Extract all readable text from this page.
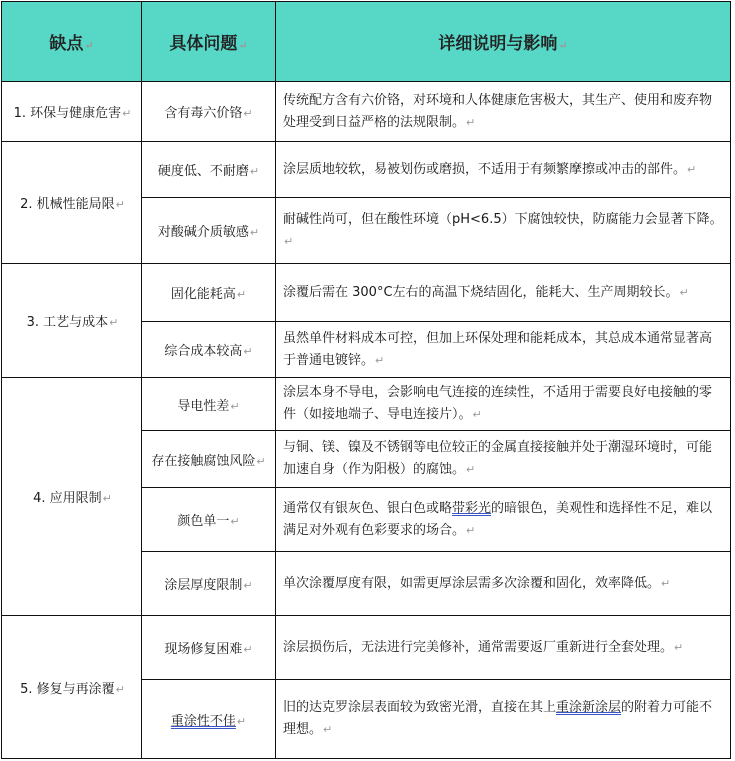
缺点↵	具体问题↵	详细说明与影响↵
1. 环保与健康危害↵	含有毒六价铬↵	传统配方含有六价铬，对环境和人体健康危害极大，其生产、使用和废弃物处理受到日益严格的法规限制。↵
2. 机械性能局限↵	硬度低、不耐磨↵	涂层质地较软，易被划伤或磨损，不适用于有频繁摩擦或冲击的部件。↵
	对酸碱介质敏感↵	耐碱性尚可，但在酸性环境（pH<6.5）下腐蚀较快，防腐能力会显著下降。↵
3. 工艺与成本↵	固化能耗高↵	涂覆后需在 300°C左右的高温下烧结固化，能耗大、生产周期较长。↵
	综合成本较高↵	虽然单件材料成本可控，但加上环保处理和能耗成本，其总成本通常显著高于普通电镀锌。↵
4. 应用限制↵	导电性差↵	涂层本身不导电，会影响电气连接的连续性，不适用于需要良好电接触的零件（如接地端子、导电连接片）。↵
	存在接触腐蚀风险↵	与铜、镁、镍及不锈钢等电位较正的金属直接接触并处于潮湿环境时，可能加速自身（作为阳极）的腐蚀。↵
	颜色单一↵	通常仅有银灰色、银白色或略带彩光的暗银色，美观性和选择性不足，难以满足对外观有色彩要求的场合。↵
	涂层厚度限制↵	单次涂覆厚度有限，如需更厚涂层需多次涂覆和固化，效率降低。↵
5. 修复与再涂覆↵	现场修复困难↵	涂层损伤后，无法进行完美修补，通常需要返厂重新进行全套处理。↵
	重涂性不佳↵	旧的达克罗涂层表面较为致密光滑，直接在其上重涂新涂层的附着力可能不理想。↵
